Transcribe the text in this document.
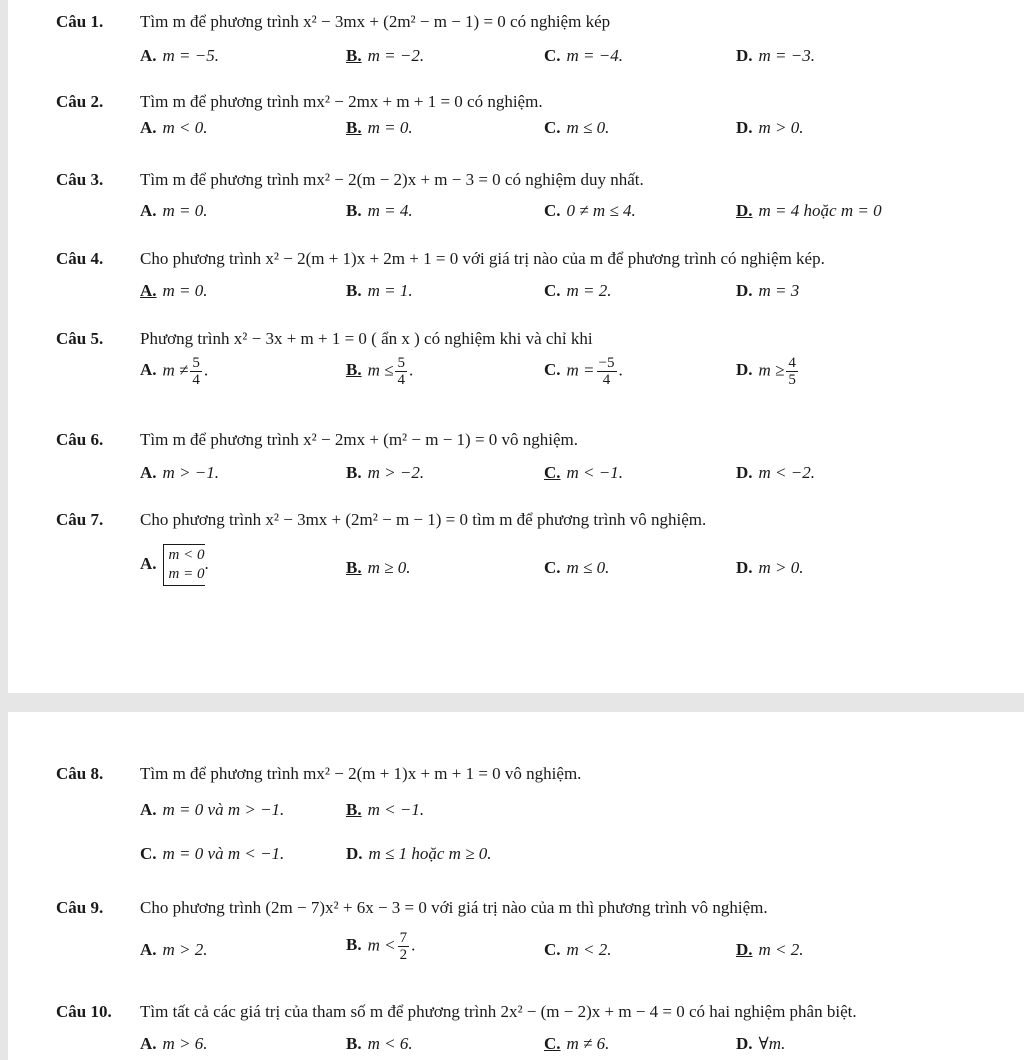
Câu 1. Tìm m để phương trình x² − 3mx + (2m² − m − 1) = 0 có nghiệm kép
A. m = −5.	B. m = −2.	C. m = −4.	D. m = −3.
Câu 2. Tìm m để phương trình mx² − 2mx + m + 1 = 0 có nghiệm.
A. m < 0.	B. m = 0.	C. m ≤ 0.	D. m > 0.
Câu 3. Tìm m để phương trình mx² − 2(m − 2)x + m − 3 = 0 có nghiệm duy nhất.
A. m = 0.	B. m = 4.	C. 0 ≠ m ≤ 4.	D. m = 4 hoặc m = 0
Câu 4. Cho phương trình x² − 2(m + 1)x + 2m + 1 = 0 với giá trị nào của m để phương trình có nghiệm kép.
A. m = 0.	B. m = 1.	C. m = 2.	D. m = 3
Câu 5. Phương trình x² − 3x + m + 1 = 0 ( ẩn x ) có nghiệm khi và chỉ khi
A. $m \ne \frac{5}{4}$ .	B. $m \le \frac{5}{4}$ .	C. $m = \frac{-5}{4}$ .	D. $m \ge \frac{4}{5}$
Câu 6. Tìm m để phương trình x² − 2mx + (m² − m − 1) = 0 vô nghiệm.
A. m > −1.	B. m > −2.	C. m < −1.	D. m < −2.
Câu 7. Cho phương trình x² − 3mx + (2m² − m − 1) = 0 tìm m để phương trình vô nghiệm.
A. m < 0
m = 0
.	B. m ≥ 0.	C. m ≤ 0.	D. m > 0.
Câu 8. Tìm m để phương trình mx² − 2(m + 1)x + m + 1 = 0 vô nghiệm.
A. m = 0 và m > −1.	B. m < −1.
C. m = 0 và m < −1.	D. m ≤ 1 hoặc m ≥ 0.
Câu 9. Cho phương trình (2m − 7)x² + 6x − 3 = 0 với giá trị nào của m thì phương trình vô nghiệm.
A. m > 2.	B. $m < \frac{7}{2}$ .	C. m < 2.	D. m < 2.
Câu 10. Tìm tất cả các giá trị của tham số m để phương trình 2x² − (m − 2)x + m − 4 = 0 có hai nghiệm phân biệt.
A. m > 6.	B. m < 6.	C. m ≠ 6.	D. ∀m.
